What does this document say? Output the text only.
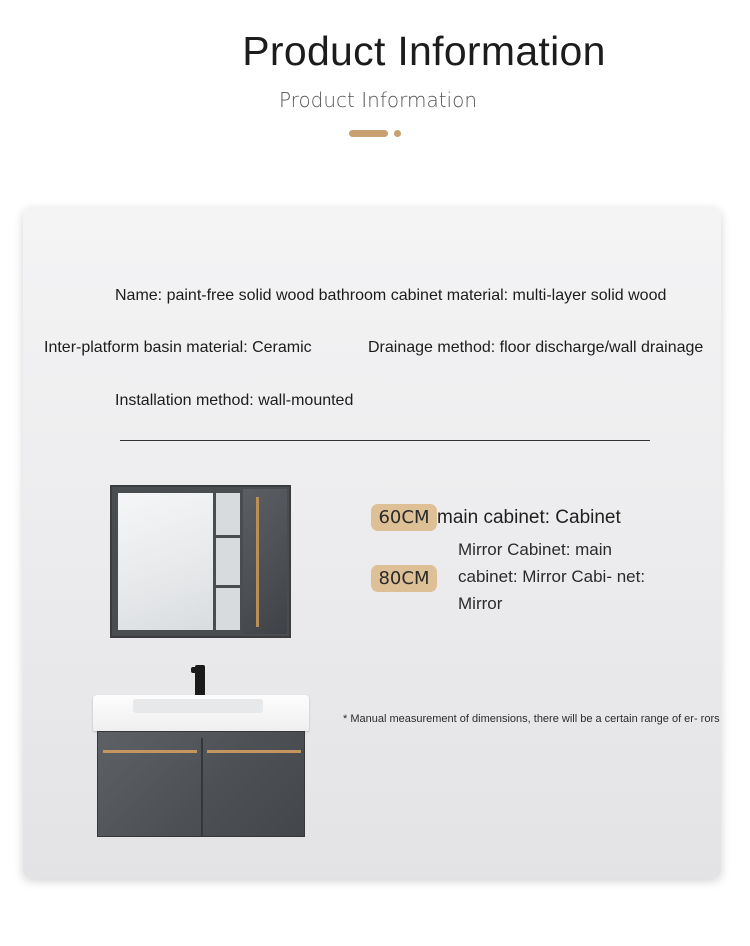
Product Information
Product Information
Name: paint-free solid wood bathroom cabinet material: multi-layer solid wood
Inter-platform basin material: Ceramic	Drainage method: floor discharge/wall drainage
Installation method: wall-mounted
60CM main cabinet: Cabinet
80CM
Mirror Cabinet: main cabinet: Mirror Cabi- net: Mirror
* Manual measurement of dimensions, there will be a certain range of er- rors
